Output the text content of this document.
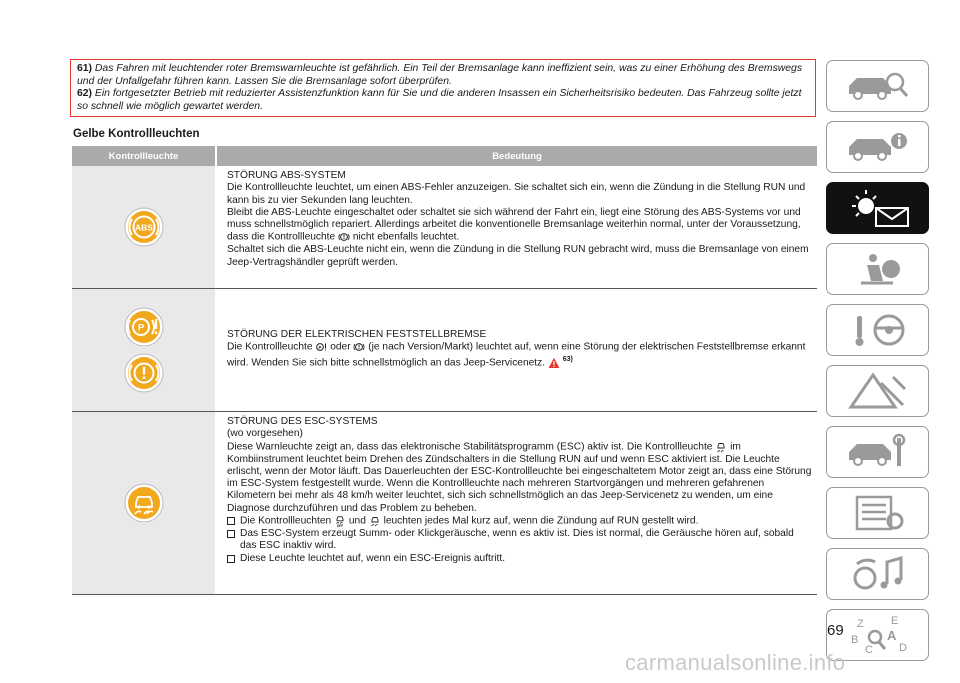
61) Das Fahren mit leuchtender roter Bremswarnleuchte ist gefährlich. Ein Teil der Bremsanlage kann ineffizient sein, was zu einer Erhöhung des Bremswegs und der Unfallgefahr führen kann. Lassen Sie die Bremsanlage sofort überprüfen.
62) Ein fortgesetzter Betrieb mit reduzierter Assistenzfunktion kann für Sie und die anderen Insassen ein Sicherheitsrisiko bedeuten. Das Fahrzeug sollte jetzt so schnell wie möglich gewartet werden.
Gelbe Kontrollleuchten
Kontrollleuchte	Bedeutung
ABS

STÖRUNG ABS-SYSTEM

Die Kontrollleuchte leuchtet, um einen ABS-Fehler anzuzeigen. Sie schaltet sich ein, wenn die Zündung in die Stellung RUN und kann bis zu vier Sekunden lang leuchten.

Bleibt die ABS-Leuchte eingeschaltet oder schaltet sie sich während der Fahrt ein, liegt eine Störung des ABS-Systems vor und muss schnellstmöglich repariert. Allerdings arbeitet die konventionelle Bremsanlage weiterhin normal, unter der Voraussetzung, dass die Kontrollleuchte nicht ebenfalls leuchtet.

Schaltet sich die ABS-Leuchte nicht ein, wenn die Zündung in die Stellung RUN gebracht wird, muss die Bremsanlage von einem Jeep-Vertragshändler geprüft werden.

P

STÖRUNG DER ELEKTRISCHEN FESTSTELLBREMSE

Die Kontrollleuchte P oder (je nach Version/Markt) leuchtet auf, wenn eine Störung der elektrischen Feststellbremse erkannt wird. Wenden Sie sich bitte schnellstmöglich an das Jeep-Servicenetz.	$^{63)}$

STÖRUNG DES ESC-SYSTEMS

(wo vorgesehen)

Diese Warnleuchte zeigt an, dass das elektronische Stabilitätsprogramm (ESC) aktiv ist. Die Kontrollleuchte im Kombiinstrument leuchtet beim Drehen des Zündschalters in die Stellung RUN auf und wenn ESC aktiviert ist. Die Leuchte erlischt, wenn der Motor läuft. Das Dauerleuchten der ESC-Kontrollleuchte bei eingeschaltetem Motor zeigt an, dass eine Störung im ESC-System festgestellt wurde. Wenn die Kontrollleuchte nach mehreren Startvorgängen und mehreren gefahrenen Kilometern bei mehr als 48 km/h weiter leuchtet, sich sich schnellstmöglich an das Jeep-Servicenetz zu wenden, um eine Diagnose durchzuführen und das Problem zu beheben.

Die Kontrollleuchten OFF und leuchten jedes Mal kurz auf, wenn die Zündung auf RUN gestellt wird.
Das ESC-System erzeugt Summ- oder Klickgeräusche, wenn es aktiv ist. Dies ist normal, die Geräusche hören auf, sobald das ESC inaktiv wird.
Diese Leuchte leuchtet auf, wenn ein ESC-Ereignis auftritt.
Z E
B A
C D
69
carmanualsonline.info
